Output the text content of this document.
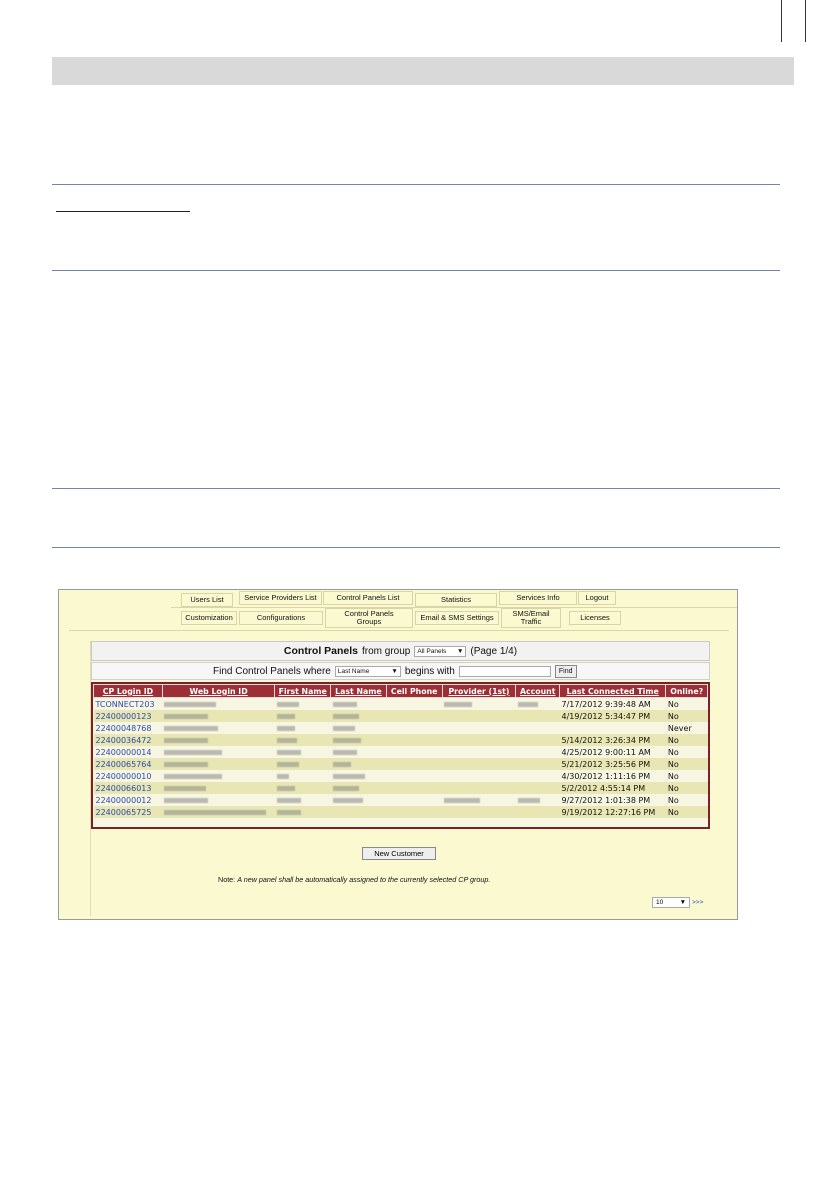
Users List	Service Providers List	Control Panels List	Statistics	Services Info	Logout
Customization	Configurations	Control Panels Groups	Email & SMS Settings	SMS/Email Traffic	Licenses
Control Panels from group All Panels ▼ (Page 1/4)
Find Control Panels where Last Name	▼ begins with	Find
CP Login ID	Web Login ID	First Name	Last Name	Cell Phone	Provider (1st)	Account	Last Connected Time	Online?
TCONNECT203							7/17/2012 9:39:48 AM	No
22400000123							4/19/2012 5:34:47 PM	No
22400048768								Never
22400036472							5/14/2012 3:26:34 PM	No
22400000014							4/25/2012 9:00:11 AM	No
22400065764							5/21/2012 3:25:56 PM	No
22400000010							4/30/2012 1:11:16 PM	No
22400066013							5/2/2012 4:55:14 PM	No
22400000012							9/27/2012 1:01:38 PM	No
22400065725							9/19/2012 12:27:16 PM	No
New Customer
Note: A new panel shall be automatically assigned to the currently selected CP group.
10	▼ >>>
